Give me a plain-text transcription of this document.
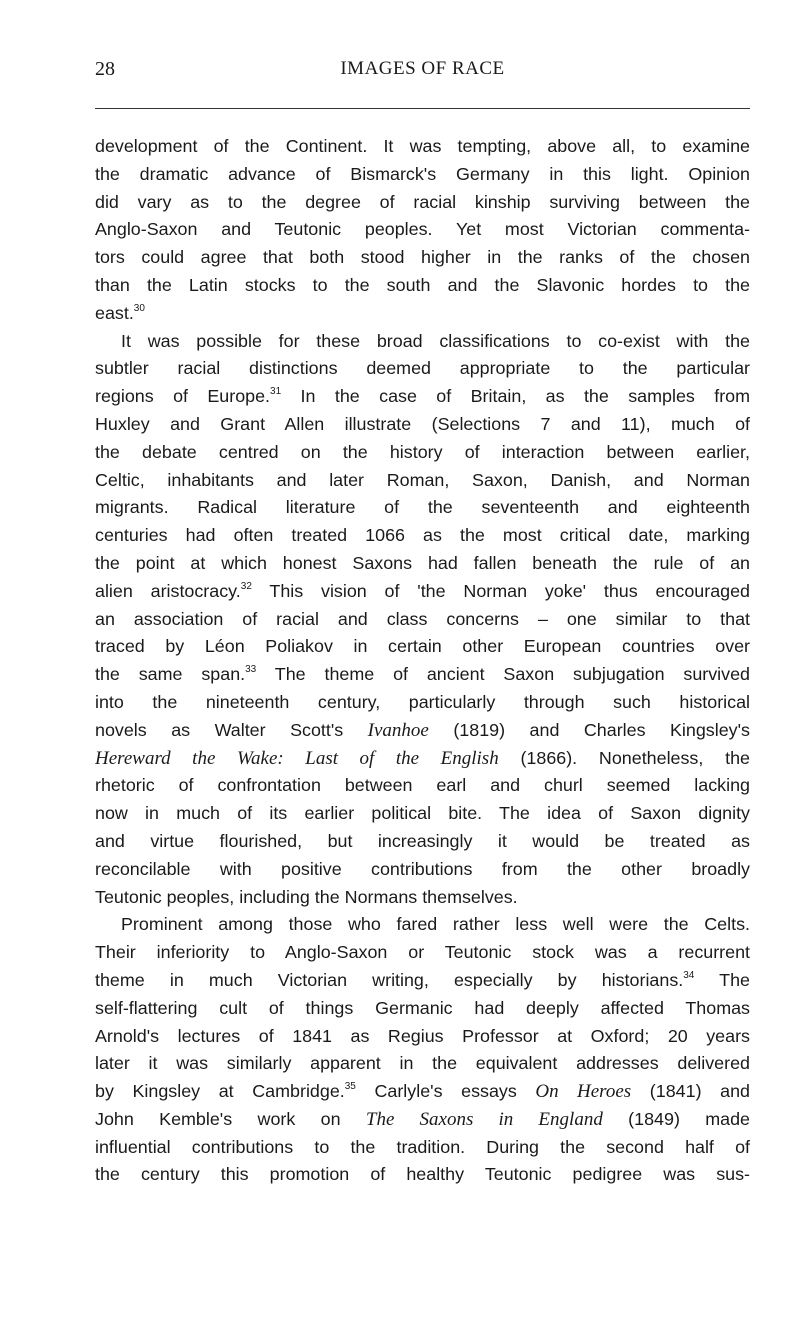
28	IMAGES OF RACE
development of the Continent. It was tempting, above all, to examine
the dramatic advance of Bismarck's Germany in this light. Opinion
did vary as to the degree of racial kinship surviving between the
Anglo-Saxon and Teutonic peoples. Yet most Victorian commenta-
tors could agree that both stood higher in the ranks of the chosen
than the Latin stocks to the south and the Slavonic hordes to the
east.$^{30}$
It was possible for these broad classifications to co-exist with the
subtler racial distinctions deemed appropriate to the particular
regions of Europe.$^{31}$ In the case of Britain, as the samples from
Huxley and Grant Allen illustrate (Selections 7 and 11), much of
the debate centred on the history of interaction between earlier,
Celtic, inhabitants and later Roman, Saxon, Danish, and Norman
migrants. Radical literature of the seventeenth and eighteenth
centuries had often treated 1066 as the most critical date, marking
the point at which honest Saxons had fallen beneath the rule of an
alien aristocracy.$^{32}$ This vision of 'the Norman yoke' thus encouraged
an association of racial and class concerns – one similar to that
traced by Léon Poliakov in certain other European countries over
the same span.$^{33}$ The theme of ancient Saxon subjugation survived
into the nineteenth century, particularly through such historical
novels as Walter Scott's Ivanhoe (1819) and Charles Kingsley's
Hereward the Wake: Last of the English (1866). Nonetheless, the
rhetoric of confrontation between earl and churl seemed lacking
now in much of its earlier political bite. The idea of Saxon dignity
and virtue flourished, but increasingly it would be treated as
reconcilable with positive contributions from the other broadly
Teutonic peoples, including the Normans themselves.
Prominent among those who fared rather less well were the Celts.
Their inferiority to Anglo-Saxon or Teutonic stock was a recurrent
theme in much Victorian writing, especially by historians.$^{34}$ The
self-flattering cult of things Germanic had deeply affected Thomas
Arnold's lectures of 1841 as Regius Professor at Oxford; 20 years
later it was similarly apparent in the equivalent addresses delivered
by Kingsley at Cambridge.$^{35}$ Carlyle's essays On Heroes (1841) and
John Kemble's work on The Saxons in England (1849) made
influential contributions to the tradition. During the second half of
the century this promotion of healthy Teutonic pedigree was sus-
